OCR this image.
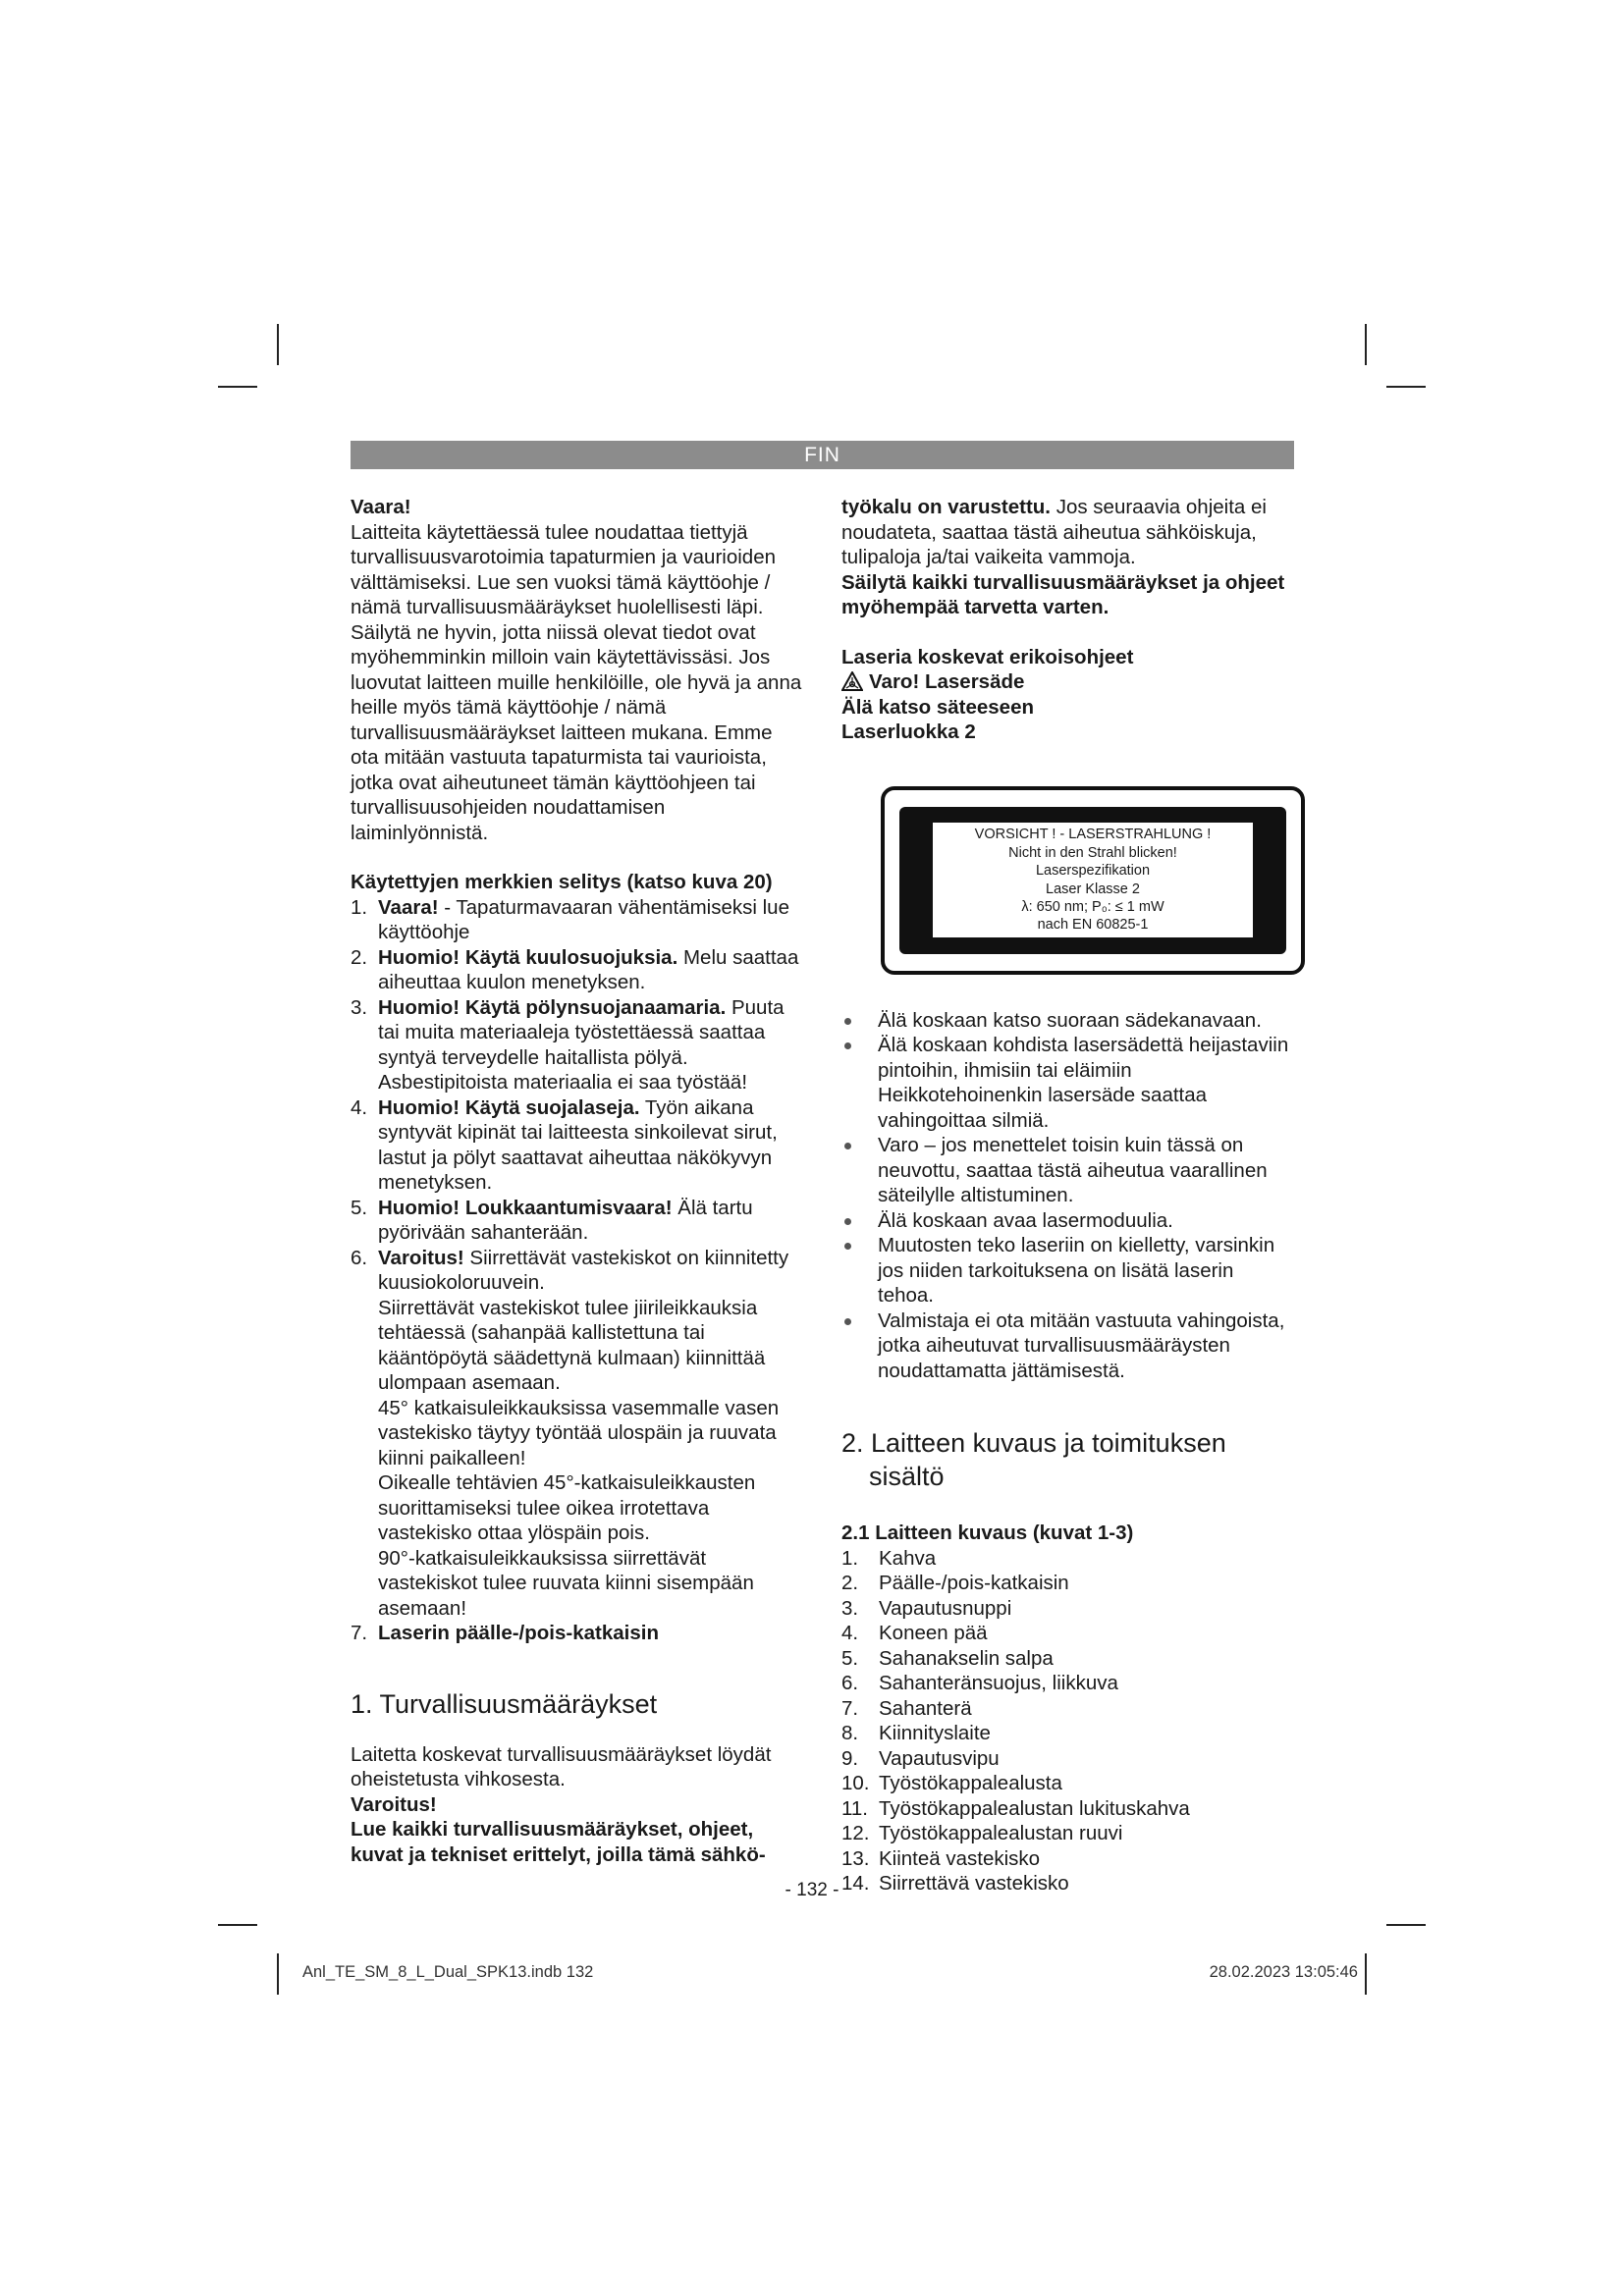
FIN

Vaara!

Laitteita käytettäessä tulee noudattaa tiettyjä turvallisuusvarotoimia tapaturmien ja vaurioiden välttämiseksi. Lue sen vuoksi tämä käyttöohje / nämä turvallisuusmääräykset huolellisesti läpi. Säilytä ne hyvin, jotta niissä olevat tiedot ovat myöhemminkin milloin vain käytettävissäsi. Jos luovutat laitteen muille henkilöille, ole hyvä ja anna heille myös tämä käyttöohje / nämä turvallisuusmääräykset laitteen mukana. Emme ota mitään vastuuta tapaturmista tai vaurioista, jotka ovat aiheutuneet tämän käyttöohjeen tai turvallisuusohjeiden noudattamisen laiminlyönnistä.

Käytettyjen merkkien selitys (katso kuva 20)

1. Vaara! - Tapaturmavaaran vähentämiseksi lue käyttöohje
2. Huomio! Käytä kuulosuojuksia. Melu saattaa aiheuttaa kuulon menetyksen.
3. Huomio! Käytä pölynsuojanaamaria. Puuta tai muita materiaaleja työstettäessä saattaa syntyä terveydelle haitallista pölyä. Asbestipitoista materiaalia ei saa työstää!
4. Huomio! Käytä suojalaseja. Työn aikana syntyvät kipinät tai laitteesta sinkoilevat sirut, lastut ja pölyt saattavat aiheuttaa näkökyvyn menetyksen.
5. Huomio! Loukkaantumisvaara! Älä tartu pyörivään sahanterään.
6. Varoitus! Siirrettävät vastekiskot on kiinnitetty kuusiokoloruuvein.
Siirrettävät vastekiskot tulee jiirileikkauksia tehtäessä (sahanpää kallistettuna tai kääntöpöytä säädettynä kulmaan) kiinnittää ulompaan asemaan.
45° katkaisuleikkauksissa vasemmalle vasen vastekisko täytyy työntää ulospäin ja ruuvata kiinni paikalleen!
Oikealle tehtävien 45°-katkaisuleikkausten suorittamiseksi tulee oikea irrotettava vastekisko ottaa ylöspäin pois.
90°-katkaisuleikkauksissa siirrettävät vastekiskot tulee ruuvata kiinni sisempään asemaan!
7. Laserin päälle-/pois-katkaisin
1. Turvallisuusmääräykset

Laitetta koskevat turvallisuusmääräykset löydät oheistetusta vihkosesta.

Varoitus!

Lue kaikki turvallisuusmääräykset, ohjeet, kuvat ja tekniset erittelyt, joilla tämä sähkö-

työkalu on varustettu. Jos seuraavia ohjeita ei noudateta, saattaa tästä aiheutua sähköiskuja, tulipaloja ja/tai vaikeita vammoja.

Säilytä kaikki turvallisuusmääräykset ja ohjeet myöhempää tarvetta varten.

Laseria koskevat erikoisohjeet

Varo! Lasersäde

Älä katso säteeseen

Laserluokka 2

VORSICHT ! - LASERSTRAHLUNG !
Nicht in den Strahl blicken!
Laserspezifikation
Laser Klasse 2
λ: 650 nm; P₀: ≤ 1 mW
nach EN 60825-1
Älä koskaan katso suoraan sädekanavaan.
Älä koskaan kohdista lasersädettä heijastaviin pintoihin, ihmisiin tai eläimiin Heikkotehoinenkin lasersäde saattaa vahingoittaa silmiä.
Varo – jos menettelet toisin kuin tässä on neuvottu, saattaa tästä aiheutua vaarallinen säteilylle altistuminen.
Älä koskaan avaa lasermoduulia.
Muutosten teko laseriin on kielletty, varsinkin jos niiden tarkoituksena on lisätä laserin tehoa.
Valmistaja ei ota mitään vastuuta vahingoista, jotka aiheutuvat turvallisuusmääräysten noudattamatta jättämisestä.
2. Laitteen kuvaus ja toimituksen
sisältö

2.1 Laitteen kuvaus (kuvat 1-3)

1. Kahva
2. Päälle-/pois-katkaisin
3. Vapautusnuppi
4. Koneen pää
5. Sahanakselin salpa
6. Sahanteränsuojus, liikkuva
7. Sahanterä
8. Kiinnityslaite
9. Vapautusvipu
10. Työstökappalealusta
11. Työstökappalealustan lukituskahva
12. Työstökappalealustan ruuvi
13. Kiinteä vastekisko
14. Siirrettävä vastekisko
- 132 -
Anl_TE_SM_8_L_Dual_SPK13.indb 132	28.02.2023 13:05:46
